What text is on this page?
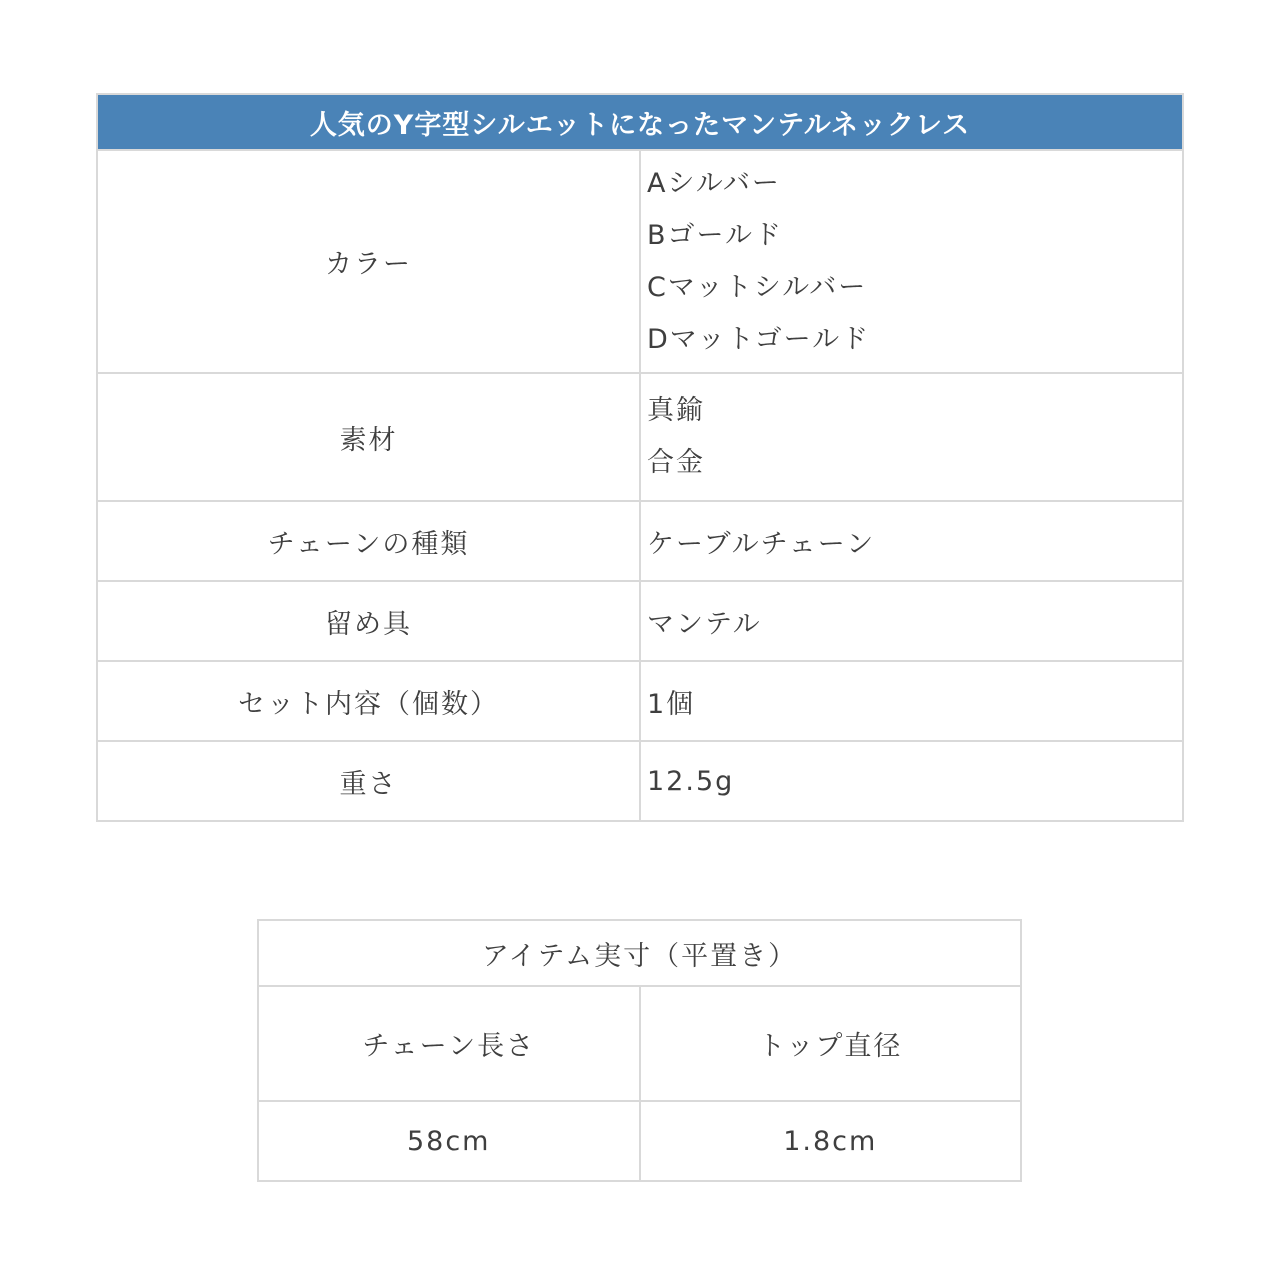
人気のY字型シルエットになったマンテルネックレス	
カラー	Aシルバー
Bゴールド
Cマットシルバー
Dマットゴールド

素材	真鍮
合金

チェーンの種類	ケーブルチェーン
留め具	マンテル
セット内容（個数）	1個
重さ	12.5g
アイテム実寸（平置き）	
チェーン長さ	トップ直径
58cm	1.8cm
